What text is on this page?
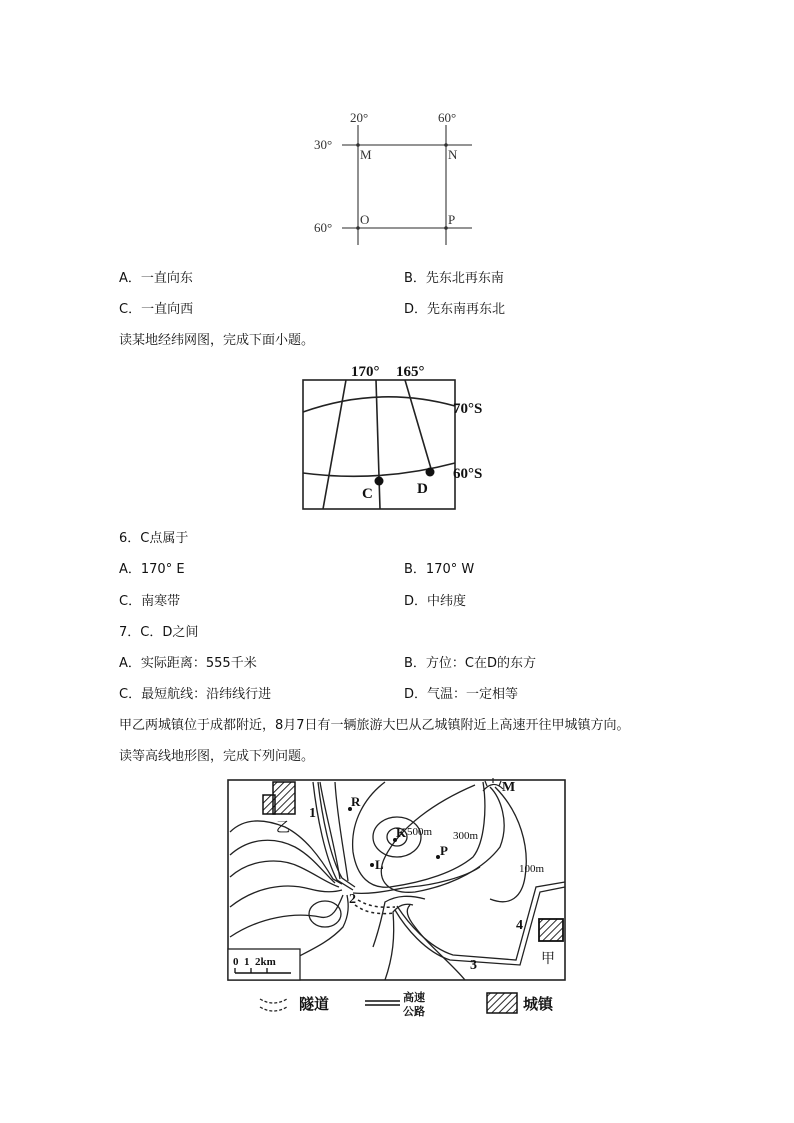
20°	60°
30°
60°
M	N
O	P
A．一直向东	B．先东北再东南
C．一直向西	D．先东南再东北
读某地经纬网图，完成下面小题。
170° 165°
70°S
60°S
C	D
6．C点属于
A．170° E	B．170° W
C．南寒带	D．中纬度
7．C．D之间
A．实际距离：555千米	B．方位：C在D的东方
C．最短航线：沿纬线行进	D．气温：一定相等
甲乙两城镇位于成都附近，8月7日有一辆旅游大巴从乙城镇附近上高速开往甲城镇方向。
读等高线地形图，完成下列问题。
乙
甲
1
2
3
4
R
K
L
P
M
500m 300m
100m
0  1  2km
隧道	高速
公路	城镇
